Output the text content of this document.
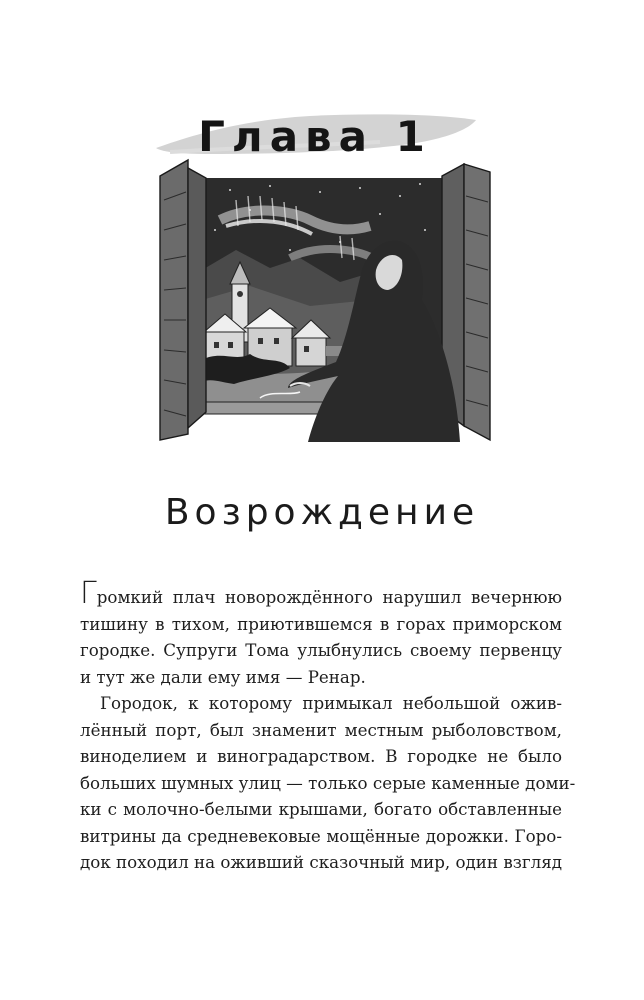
Глава 1
Возрождение

Громкий плач новорождённого нарушил вечернюю
тишину в тихом, приютившемся в горах приморском
городке. Супруги Тома улыбнулись своему первенцу
и тут же дали ему имя — Ренар.

Городок, к которому примыкал небольшой ожив-
лённый порт, был знаменит местным рыболовством,
виноделием и виноградарством. В городке не было
больших шумных улиц — только серые каменные доми-
ки с молочно-белыми крышами, богато обставленные
витрины да средневековые мощённые дорожки. Горо-
док походил на оживший сказочный мир, один взгляд
